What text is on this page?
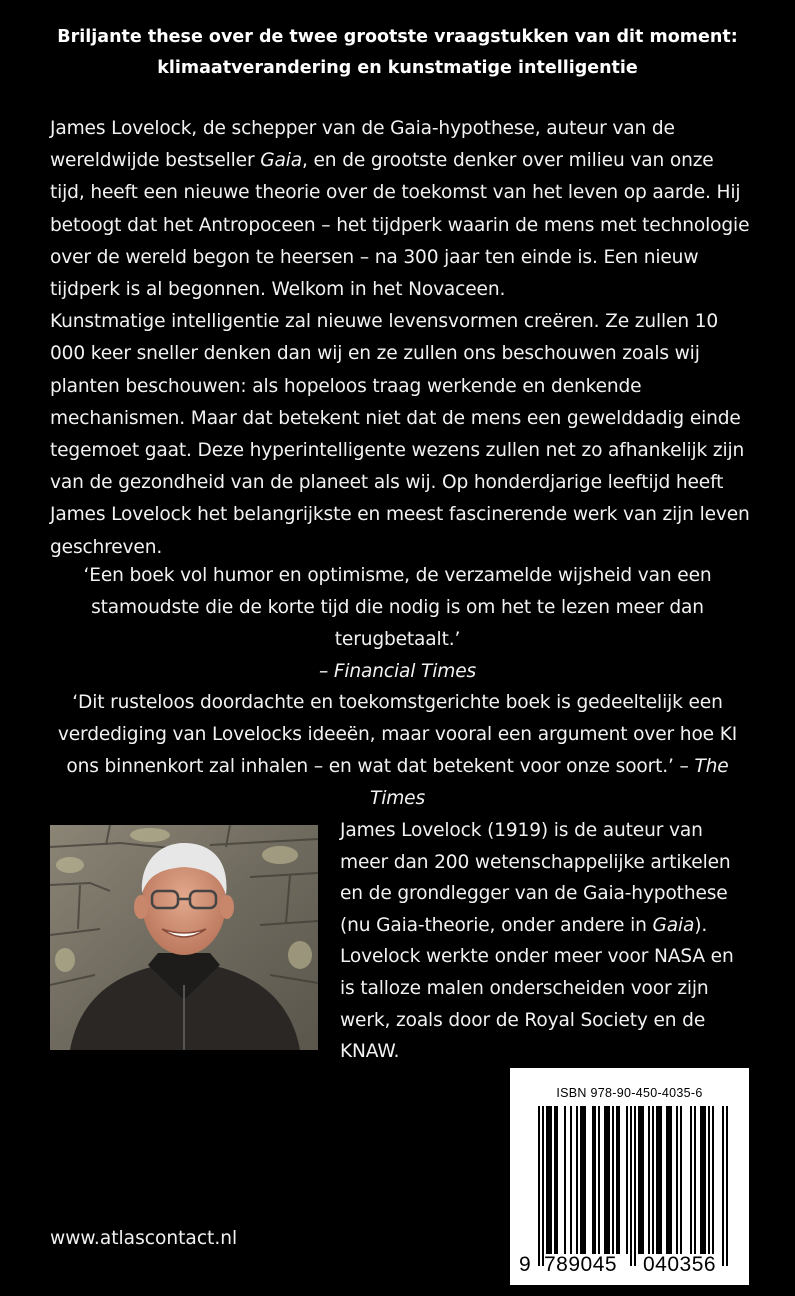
Briljante these over de twee grootste vraagstukken van dit moment:
klimaatverandering en kunstmatige intelligentie

James Lovelock, de schepper van de Gaia-hypothese, auteur van de wereldwijde bestseller Gaia, en de grootste denker over milieu van onze tijd, heeft een nieuwe theorie over de toekomst van het leven op aarde. Hij betoogt dat het Antropoceen – het tijdperk waarin de mens met technologie over de wereld begon te heersen – na 300 jaar ten einde is. Een nieuw tijdperk is al begonnen. Welkom in het Novaceen.

Kunstmatige intelligentie zal nieuwe levensvormen creëren. Ze zullen 10 000 keer sneller denken dan wij en ze zullen ons beschouwen zoals wij planten beschouwen: als hopeloos traag werkende en denkende mechanismen. Maar dat betekent niet dat de mens een gewelddadig einde tegemoet gaat. Deze hyperintelligente wezens zullen net zo afhankelijk zijn van de gezondheid van de planeet als wij. Op honderdjarige leeftijd heeft James Lovelock het belangrijkste en meest fascinerende werk van zijn leven geschreven.

‘Een boek vol humor en optimisme, de verzamelde wijsheid van een stamoudste die de korte tijd die nodig is om het te lezen meer dan terugbetaalt.’

– Financial Times

‘Dit rusteloos doordachte en toekomstgerichte boek is gedeeltelijk een verdediging van Lovelocks ideeën, maar vooral een argument over hoe KI ons binnenkort zal inhalen – en wat dat betekent voor onze soort.’ – The Times

James Lovelock (1919) is de auteur van meer dan 200 wetenschappelijke artikelen en de grondlegger van de Gaia-hypothese (nu Gaia-theorie, onder andere in Gaia). Lovelock werkte onder meer voor NASA en is talloze malen onderscheiden voor zijn werk, zoals door de Royal Society en de KNAW.

www.atlascontact.nl
ISBN 978-90-450-4035-6
9 789045 040356
